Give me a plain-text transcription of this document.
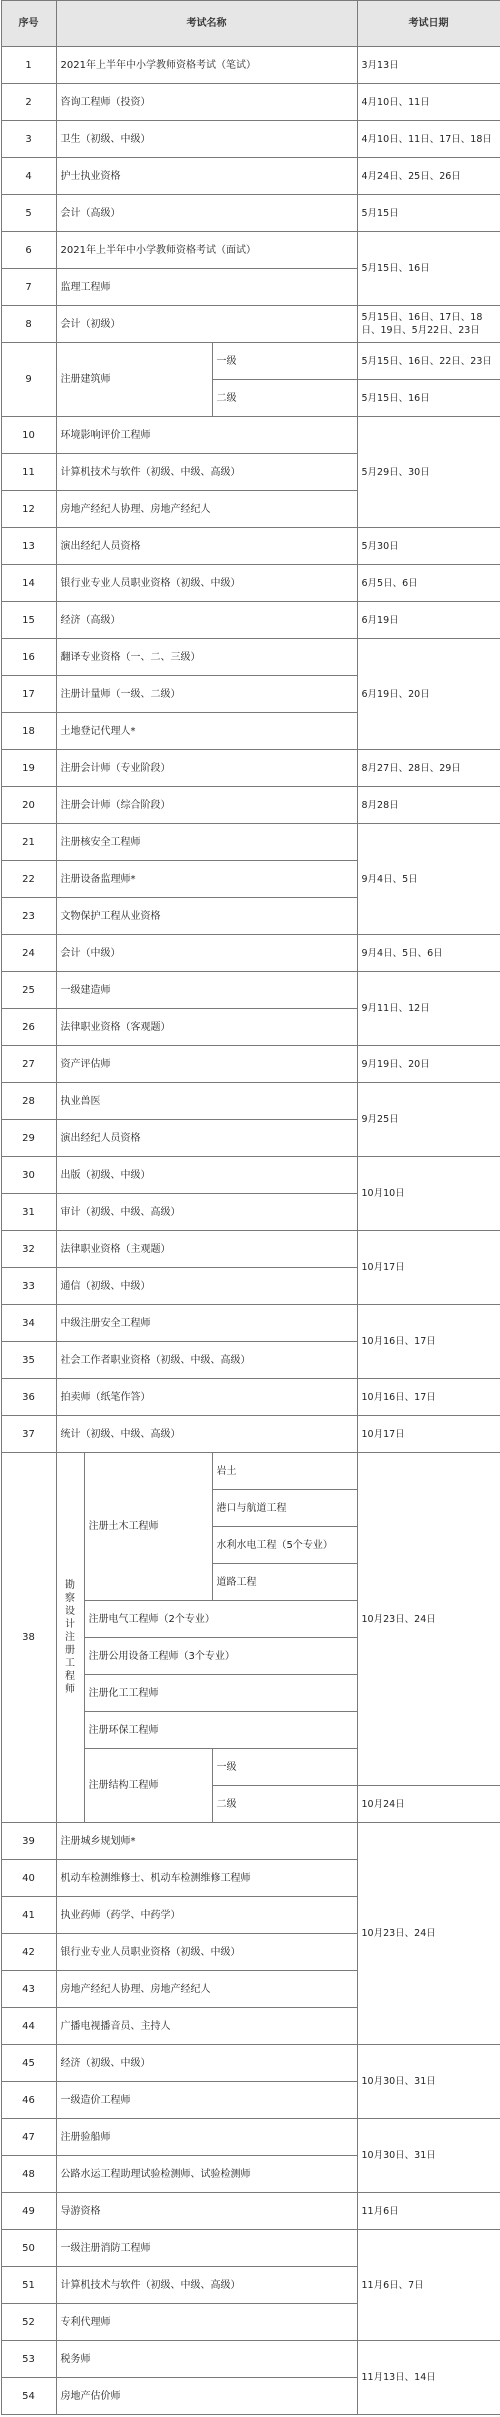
序号	考试名称			考试日期
1	2021年上半年中小学教师资格考试（笔试）			3月13日
2	咨询工程师（投资）			4月10日、11日
3	卫生（初级、中级）			4月10日、11日、17日、18日
4	护士执业资格			4月24日、25日、26日
5	会计（高级）			5月15日
6	2021年上半年中小学教师资格考试（面试）			5月15日、16日
7	监理工程师			
8	会计（初级）			5月15日、16日、17日、18日、19日、5月22日、23日
9	注册建筑师		一级	5月15日、16日、22日、23日
			二级	5月15日、16日
10	环境影响评价工程师			5月29日、30日
11	计算机技术与软件（初级、中级、高级）			
12	房地产经纪人协理、房地产经纪人			
13	演出经纪人员资格			5月30日
14	银行业专业人员职业资格（初级、中级）			6月5日、6日
15	经济（高级）			6月19日
16	翻译专业资格（一、二、三级）			6月19日、20日
17	注册计量师（一级、二级）			
18	土地登记代理人*			
19	注册会计师（专业阶段）			8月27日、28日、29日
20	注册会计师（综合阶段）			8月28日
21	注册核安全工程师			9月4日、5日
22	注册设备监理师*			
23	文物保护工程从业资格			
24	会计（中级）			9月4日、5日、6日
25	一级建造师			9月11日、12日
26	法律职业资格（客观题）			
27	资产评估师			9月19日、20日
28	执业兽医			9月25日
29	演出经纪人员资格			
30	出版（初级、中级）			10月10日
31	审计（初级、中级、高级）			
32	法律职业资格（主观题）			10月17日
33	通信（初级、中级）			
34	中级注册安全工程师			10月16日、17日
35	社会工作者职业资格（初级、中级、高级）			
36	拍卖师（纸笔作答）			10月16日、17日
37	统计（初级、中级、高级）			10月17日
38	勘察设计注册工程师	注册土木工程师	岩土	10月23日、24日
			港口与航道工程	
			水利水电工程（5个专业）	
			道路工程	
		注册电气工程师（2个专业）		
		注册公用设备工程师（3个专业）		
		注册化工工程师		
		注册环保工程师		
		注册结构工程师	一级	
			二级	10月24日
39	注册城乡规划师*			10月23日、24日
40	机动车检测维修士、机动车检测维修工程师			
41	执业药师（药学、中药学）			
42	银行业专业人员职业资格（初级、中级）			
43	房地产经纪人协理、房地产经纪人			
44	广播电视播音员、主持人			
45	经济（初级、中级）			10月30日、31日
46	一级造价工程师			
47	注册验船师			10月30日、31日
48	公路水运工程助理试验检测师、试验检测师			
49	导游资格			11月6日
50	一级注册消防工程师			11月6日、7日
51	计算机技术与软件（初级、中级、高级）			
52	专利代理师			
53	税务师			11月13日、14日
54	房地产估价师			
